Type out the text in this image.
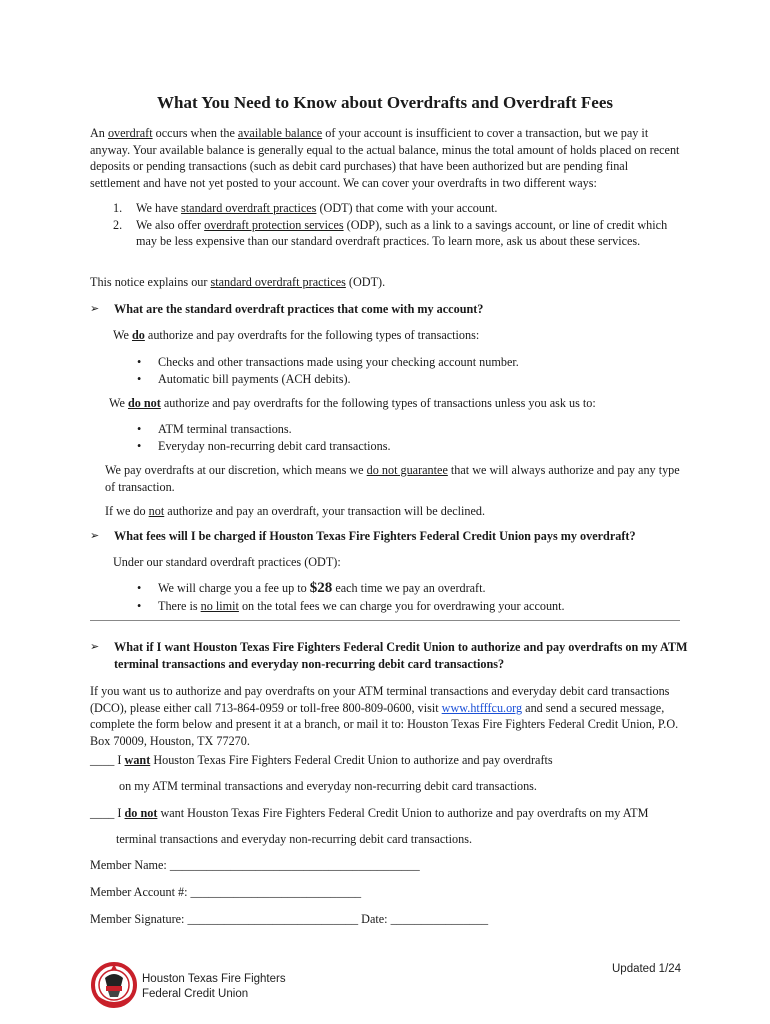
What You Need to Know about Overdrafts and Overdraft Fees
An overdraft occurs when the available balance of your account is insufficient to cover a transaction, but we pay it anyway. Your available balance is generally equal to the actual balance, minus the total amount of holds placed on recent deposits or pending transactions (such as debit card purchases) that have been authorized but are pending final settlement and have not yet posted to your account. We can cover your overdrafts in two different ways:
1. We have standard overdraft practices (ODT) that come with your account.
2. We also offer overdraft protection services (ODP), such as a link to a savings account, or line of credit which may be less expensive than our standard overdraft practices. To learn more, ask us about these services.
This notice explains our standard overdraft practices (ODT).
➢	What are the standard overdraft practices that come with my account?
We do authorize and pay overdrafts for the following types of transactions:
• Checks and other transactions made using your checking account number.
• Automatic bill payments (ACH debits).
We do not authorize and pay overdrafts for the following types of transactions unless you ask us to:
• ATM terminal transactions.
• Everyday non-recurring debit card transactions.
We pay overdrafts at our discretion, which means we do not guarantee that we will always authorize and pay any type of transaction.
If we do not authorize and pay an overdraft, your transaction will be declined.
➢	What fees will I be charged if Houston Texas Fire Fighters Federal Credit Union pays my overdraft?
Under our standard overdraft practices (ODT):
• We will charge you a fee up to $28 each time we pay an overdraft.
• There is no limit on the total fees we can charge you for overdrawing your account.
➢	What if I want Houston Texas Fire Fighters Federal Credit Union to authorize and pay overdrafts on my ATM terminal transactions and everyday non-recurring debit card transactions?
If you want us to authorize and pay overdrafts on your ATM terminal transactions and everyday debit card transactions (DCO), please either call 713-864-0959 or toll-free 800-809-0600, visit www.htfffcu.org and send a secured message, complete the form below and present it at a branch, or mail it to: Houston Texas Fire Fighters Federal Credit Union, P.O. Box 70009, Houston, TX 77270.
____ I want Houston Texas Fire Fighters Federal Credit Union to authorize and pay overdrafts
on my ATM terminal transactions and everyday non-recurring debit card transactions.
____ I do not want Houston Texas Fire Fighters Federal Credit Union to authorize and pay overdrafts on my ATM
terminal transactions and everyday non-recurring debit card transactions.
Member Name: _________________________________________
Member Account #: ____________________________
Member Signature: ____________________________ Date: ________________
Houston Texas Fire Fighters
Federal Credit Union
Updated 1/24
